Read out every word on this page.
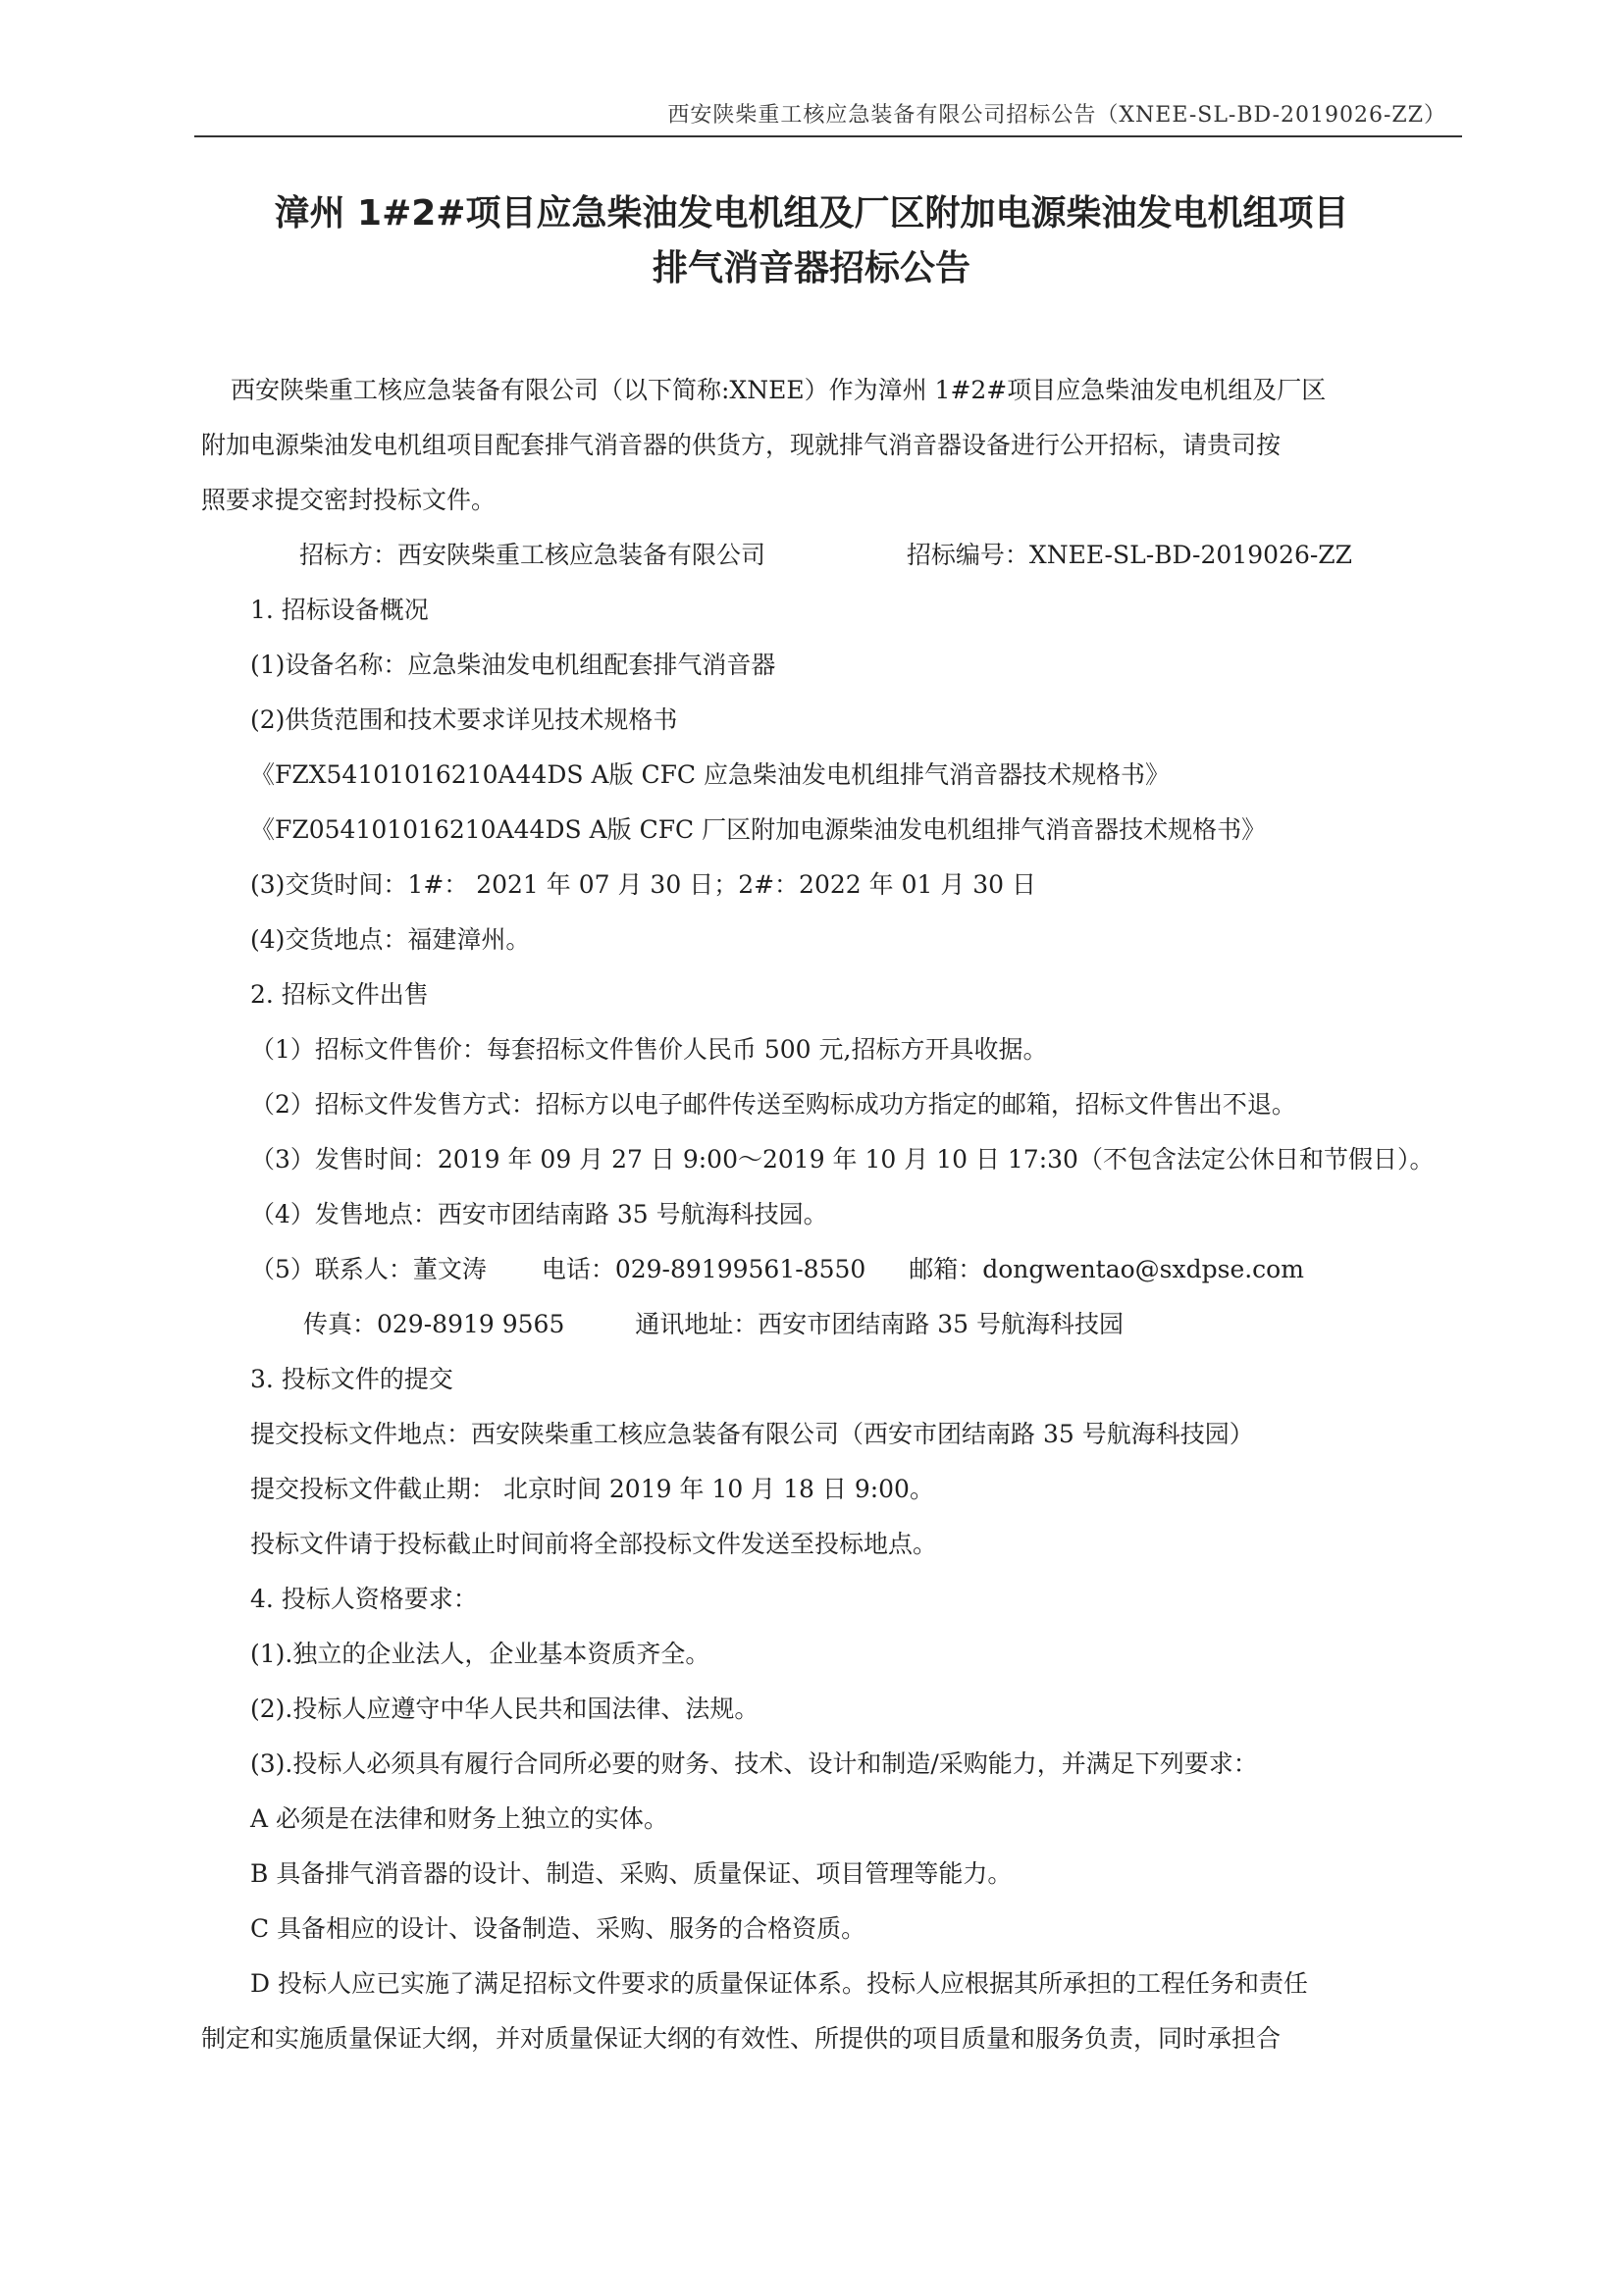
西安陕柴重工核应急装备有限公司招标公告（XNEE-SL-BD-2019026-ZZ）
漳州 1#2#项目应急柴油发电机组及厂区附加电源柴油发电机组项目
排气消音器招标公告
西安陕柴重工核应急装备有限公司（以下简称:XNEE）作为漳州 1#2#项目应急柴油发电机组及厂区
附加电源柴油发电机组项目配套排气消音器的供货方，现就排气消音器设备进行公开招标，请贵司按
照要求提交密封投标文件。
招标方：西安陕柴重工核应急装备有限公司	招标编号：XNEE-SL-BD-2019026-ZZ
1. 招标设备概况
(1)设备名称：应急柴油发电机组配套排气消音器
(2)供货范围和技术要求详见技术规格书
《FZX54101016210A44DS A版 CFC 应急柴油发电机组排气消音器技术规格书》
《FZ054101016210A44DS A版 CFC 厂区附加电源柴油发电机组排气消音器技术规格书》
(3)交货时间：1#： 2021 年 07 月 30 日；2#：2022 年 01 月 30 日
(4)交货地点：福建漳州。
2. 招标文件出售
（1）招标文件售价：每套招标文件售价人民币 500 元,招标方开具收据。
（2）招标文件发售方式：招标方以电子邮件传送至购标成功方指定的邮箱，招标文件售出不退。
（3）发售时间：2019 年 09 月 27 日 9:00～2019 年 10 月 10 日 17:30（不包含法定公休日和节假日）。
（4）发售地点：西安市团结南路 35 号航海科技园。
（5）联系人：董文涛 电话：029-89199561-8550 邮箱：dongwentao@sxdpse.com
传真：029-8919 9565	通讯地址：西安市团结南路 35 号航海科技园
3. 投标文件的提交
提交投标文件地点：西安陕柴重工核应急装备有限公司（西安市团结南路 35 号航海科技园）
提交投标文件截止期： 北京时间 2019 年 10 月 18 日 9:00。
投标文件请于投标截止时间前将全部投标文件发送至投标地点。
4. 投标人资格要求：
(1).独立的企业法人，企业基本资质齐全。
(2).投标人应遵守中华人民共和国法律、法规。
(3).投标人必须具有履行合同所必要的财务、技术、设计和制造/采购能力，并满足下列要求：
A 必须是在法律和财务上独立的实体。
B 具备排气消音器的设计、制造、采购、质量保证、项目管理等能力。
C 具备相应的设计、设备制造、采购、服务的合格资质。
D 投标人应已实施了满足招标文件要求的质量保证体系。投标人应根据其所承担的工程任务和责任
制定和实施质量保证大纲，并对质量保证大纲的有效性、所提供的项目质量和服务负责，同时承担合
